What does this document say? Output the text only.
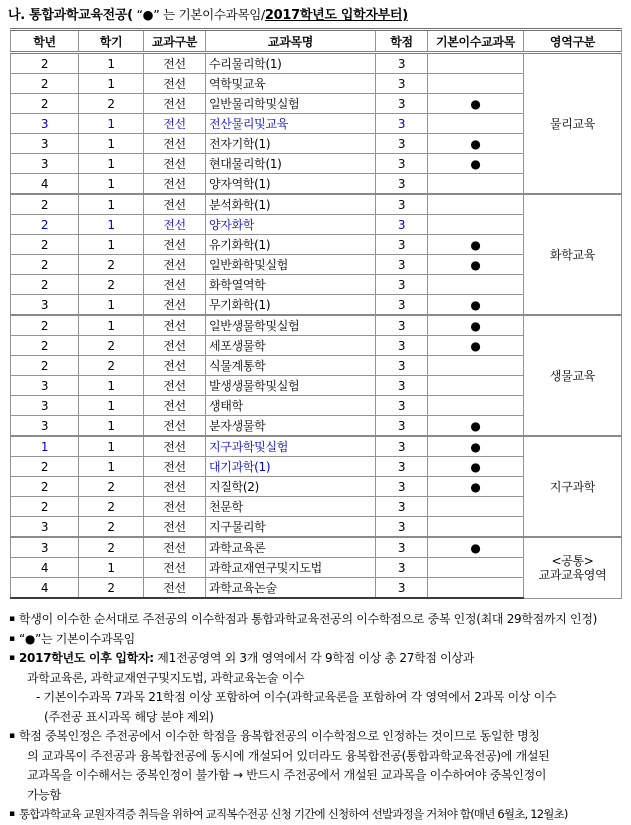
나. 통합과학교육전공( “●” 는 기본이수과목임/2017학년도 입학자부터)
학년	학기	교과구분	교과목명	학점	기본이수교과목	영역구분
2	1	전선	수리물리학(1)	3		물리교육
2	1	전선	역학및교육	3		
2	2	전선	일반물리학및실험	3	●	
3	1	전선	전산물리및교육	3		
3	1	전선	전자기학(1)	3	●	
3	1	전선	현대물리학(1)	3	●	
4	1	전선	양자역학(1)	3		
2	1	전선	분석화학(1)	3		화학교육
2	1	전선	양자화학	3		
2	1	전선	유기화학(1)	3	●	
2	2	전선	일반화학및실험	3	●	
2	2	전선	화학열역학	3		
3	1	전선	무기화학(1)	3	●	
2	1	전선	일반생물학및실험	3	●	생물교육
2	2	전선	세포생물학	3	●	
2	2	전선	식물계통학	3		
3	1	전선	발생생물학및실험	3		
3	1	전선	생태학	3		
3	1	전선	분자생물학	3	●	
1	1	전선	지구과학및실험	3	●	지구과학
2	1	전선	대기과학(1)	3	●	
2	2	전선	지질학(2)	3	●	
2	2	전선	천문학	3		
3	2	전선	지구물리학	3		
3	2	전선	과학교육론	3	●	<공통>
교과교육영역
4	1	전선	과학교재연구및지도법	3		
4	2	전선	과학교육논술	3		
▪ 학생이 이수한 순서대로 주전공의 이수학점과 통합과학교육전공의 이수학점으로 중복 인정(최대 29학점까지 인정)
▪ “●”는 기본이수과목임
▪ 2017학년도 이후 입학자: 제1전공영역 외 3개 영역에서 각 9학점 이상 총 27학점 이상과
과학교육론, 과학교재연구및지도법, 과학교육논술 이수
- 기본이수과목 7과목 21학점 이상 포함하여 이수(과학교육론을 포함하여 각 영역에서 2과목 이상 이수
(주전공 표시과목 해당 분야 제외)
▪ 학점 중복인정은 주전공에서 이수한 학점을 융복합전공의 이수학점으로 인정하는 것이므로 동일한 명칭
의 교과목이 주전공과 융복합전공에 동시에 개설되어 있더라도 융복합전공(통합과학교육전공)에 개설된
교과목을 이수해서는 중복인정이 불가함 → 반드시 주전공에서 개설된 교과목을 이수하여야 중복인정이
가능함
▪ 통합과학교육 교원자격증 취득을 위하여 교직복수전공 신청 기간에 신청하여 선발과정을 거쳐야 함(매년 6월초, 12월초)
